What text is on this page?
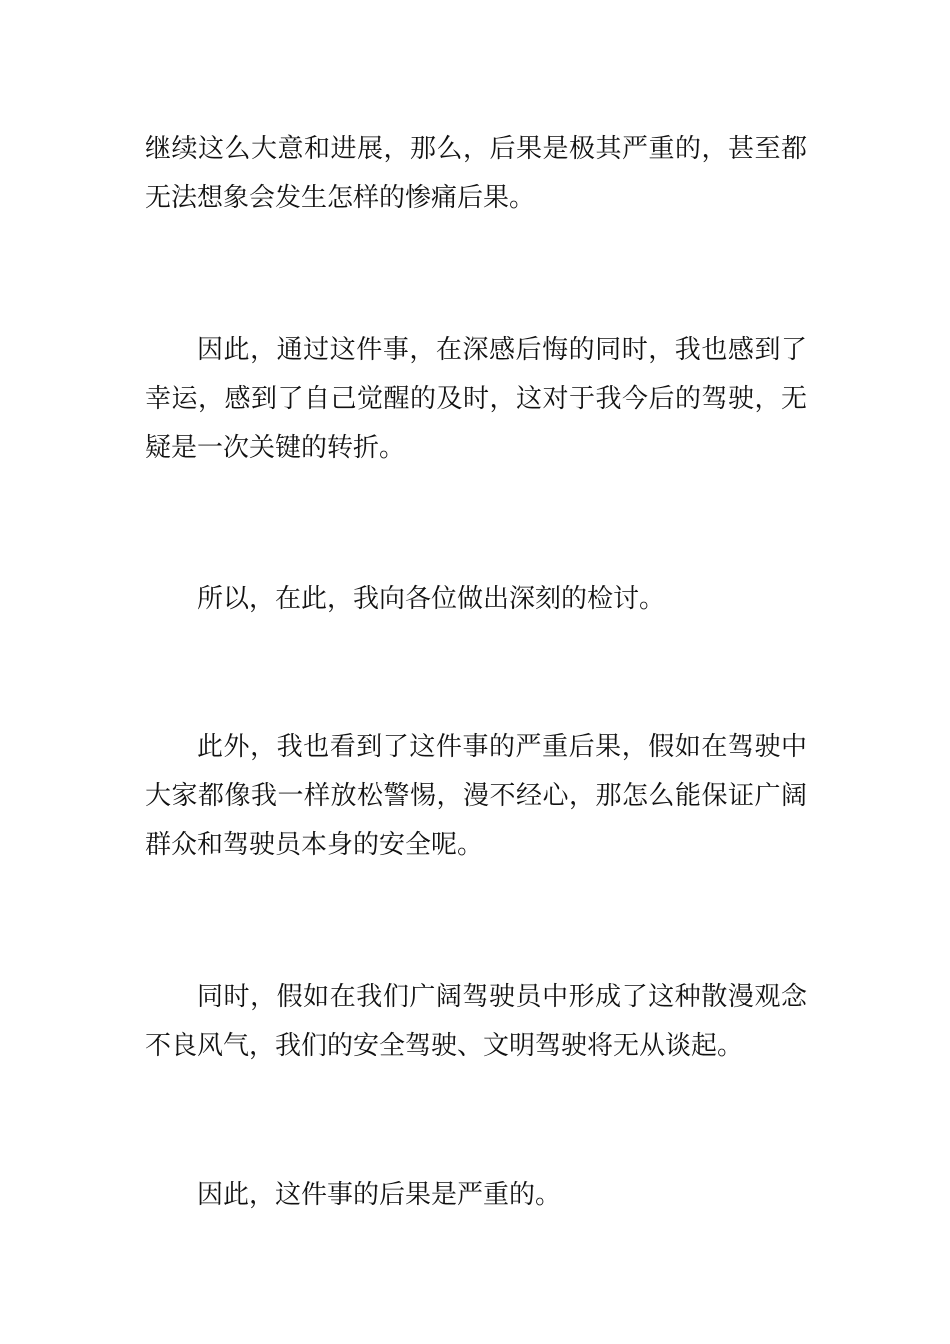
继续这么大意和进展，那么，后果是极其严重的，甚至都无法想象会发生怎样的惨痛后果。

因此，通过这件事，在深感后悔的同时，我也感到了幸运，感到了自己觉醒的及时，这对于我今后的驾驶，无疑是一次关键的转折。

所以，在此，我向各位做出深刻的检讨。

此外，我也看到了这件事的严重后果，假如在驾驶中大家都像我一样放松警惕，漫不经心，那怎么能保证广阔群众和驾驶员本身的安全呢。

同时，假如在我们广阔驾驶员中形成了这种散漫观念不良风气，我们的安全驾驶、文明驾驶将无从谈起。

因此，这件事的后果是严重的。
